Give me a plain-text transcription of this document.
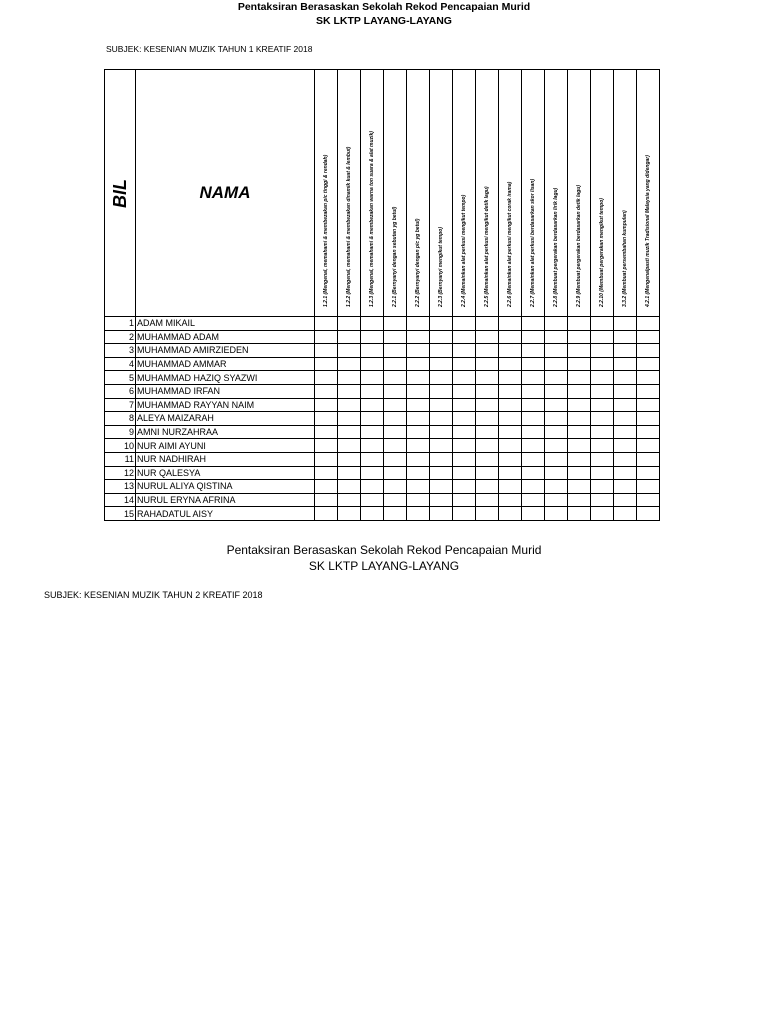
Pentaksiran Berasaskan Sekolah Rekod Pencapaian Murid
SK LKTP LAYANG-LAYANG
SUBJEK: KESENIAN MUZIK TAHUN 1 KREATIF 2018
BIL	NAMA	1.2.1 (Mengenal, memahami & membezakan pic tinggi & rendah)	1.2.2 (Mengenal, memahami & membezakan dinamik kuat & lembut)	1.2.3 (Mengenal, memahami & membezakan warna ton suara & alat muzik)	2.2.1 (Bernyanyi dengan sebutan yg betul)	2.2.2 (Bernyanyi dengan pic yg betul)	2.2.3 (Bernyanyi mengikut tempo)	2.2.4 (Memainkan alat perkusi mengikut tempo)	2.2.5 (Memainkan alat perkusi mengikut detik lagu)	2.2.6 (Memainkan alat perkusi mengikut corak irama)	2.2.7 (Memainkan alat perkusi berdasarkan skor lisan)	2.2.8 (Membuat pergerakan berdasarkan lirik lagu)	2.2.9 (Membuat pergerakan berdasarkan detik lagu)	2.2.10 (Membuat pergerakan mengikut tempo)	3.3.2 (Membuat persembahan kumpulan)	4.2.1 (Mengenalpasti muzik Tradisional Malaysia yang didengar)

1	ADAM MIKAIL															
2	MUHAMMAD ADAM															
3	MUHAMMAD AMIRZIEDEN															
4	MUHAMMAD AMMAR															
5	MUHAMMAD HAZIQ SYAZWI															
6	MUHAMMAD IRFAN															
7	MUHAMMAD RAYYAN NAIM															
8	ALEYA MAIZARAH															
9	AMNI NURZAHRAA															
10	NUR AIMI AYUNI															
11	NUR NADHIRAH															
12	NUR QALESYA															
13	NURUL ALIYA QISTINA															
14	NURUL ERYNA AFRINA															
15	RAHADATUL AISY															
Pentaksiran Berasaskan Sekolah Rekod Pencapaian Murid
SK LKTP LAYANG-LAYANG
SUBJEK: KESENIAN MUZIK TAHUN 2 KREATIF 2018
